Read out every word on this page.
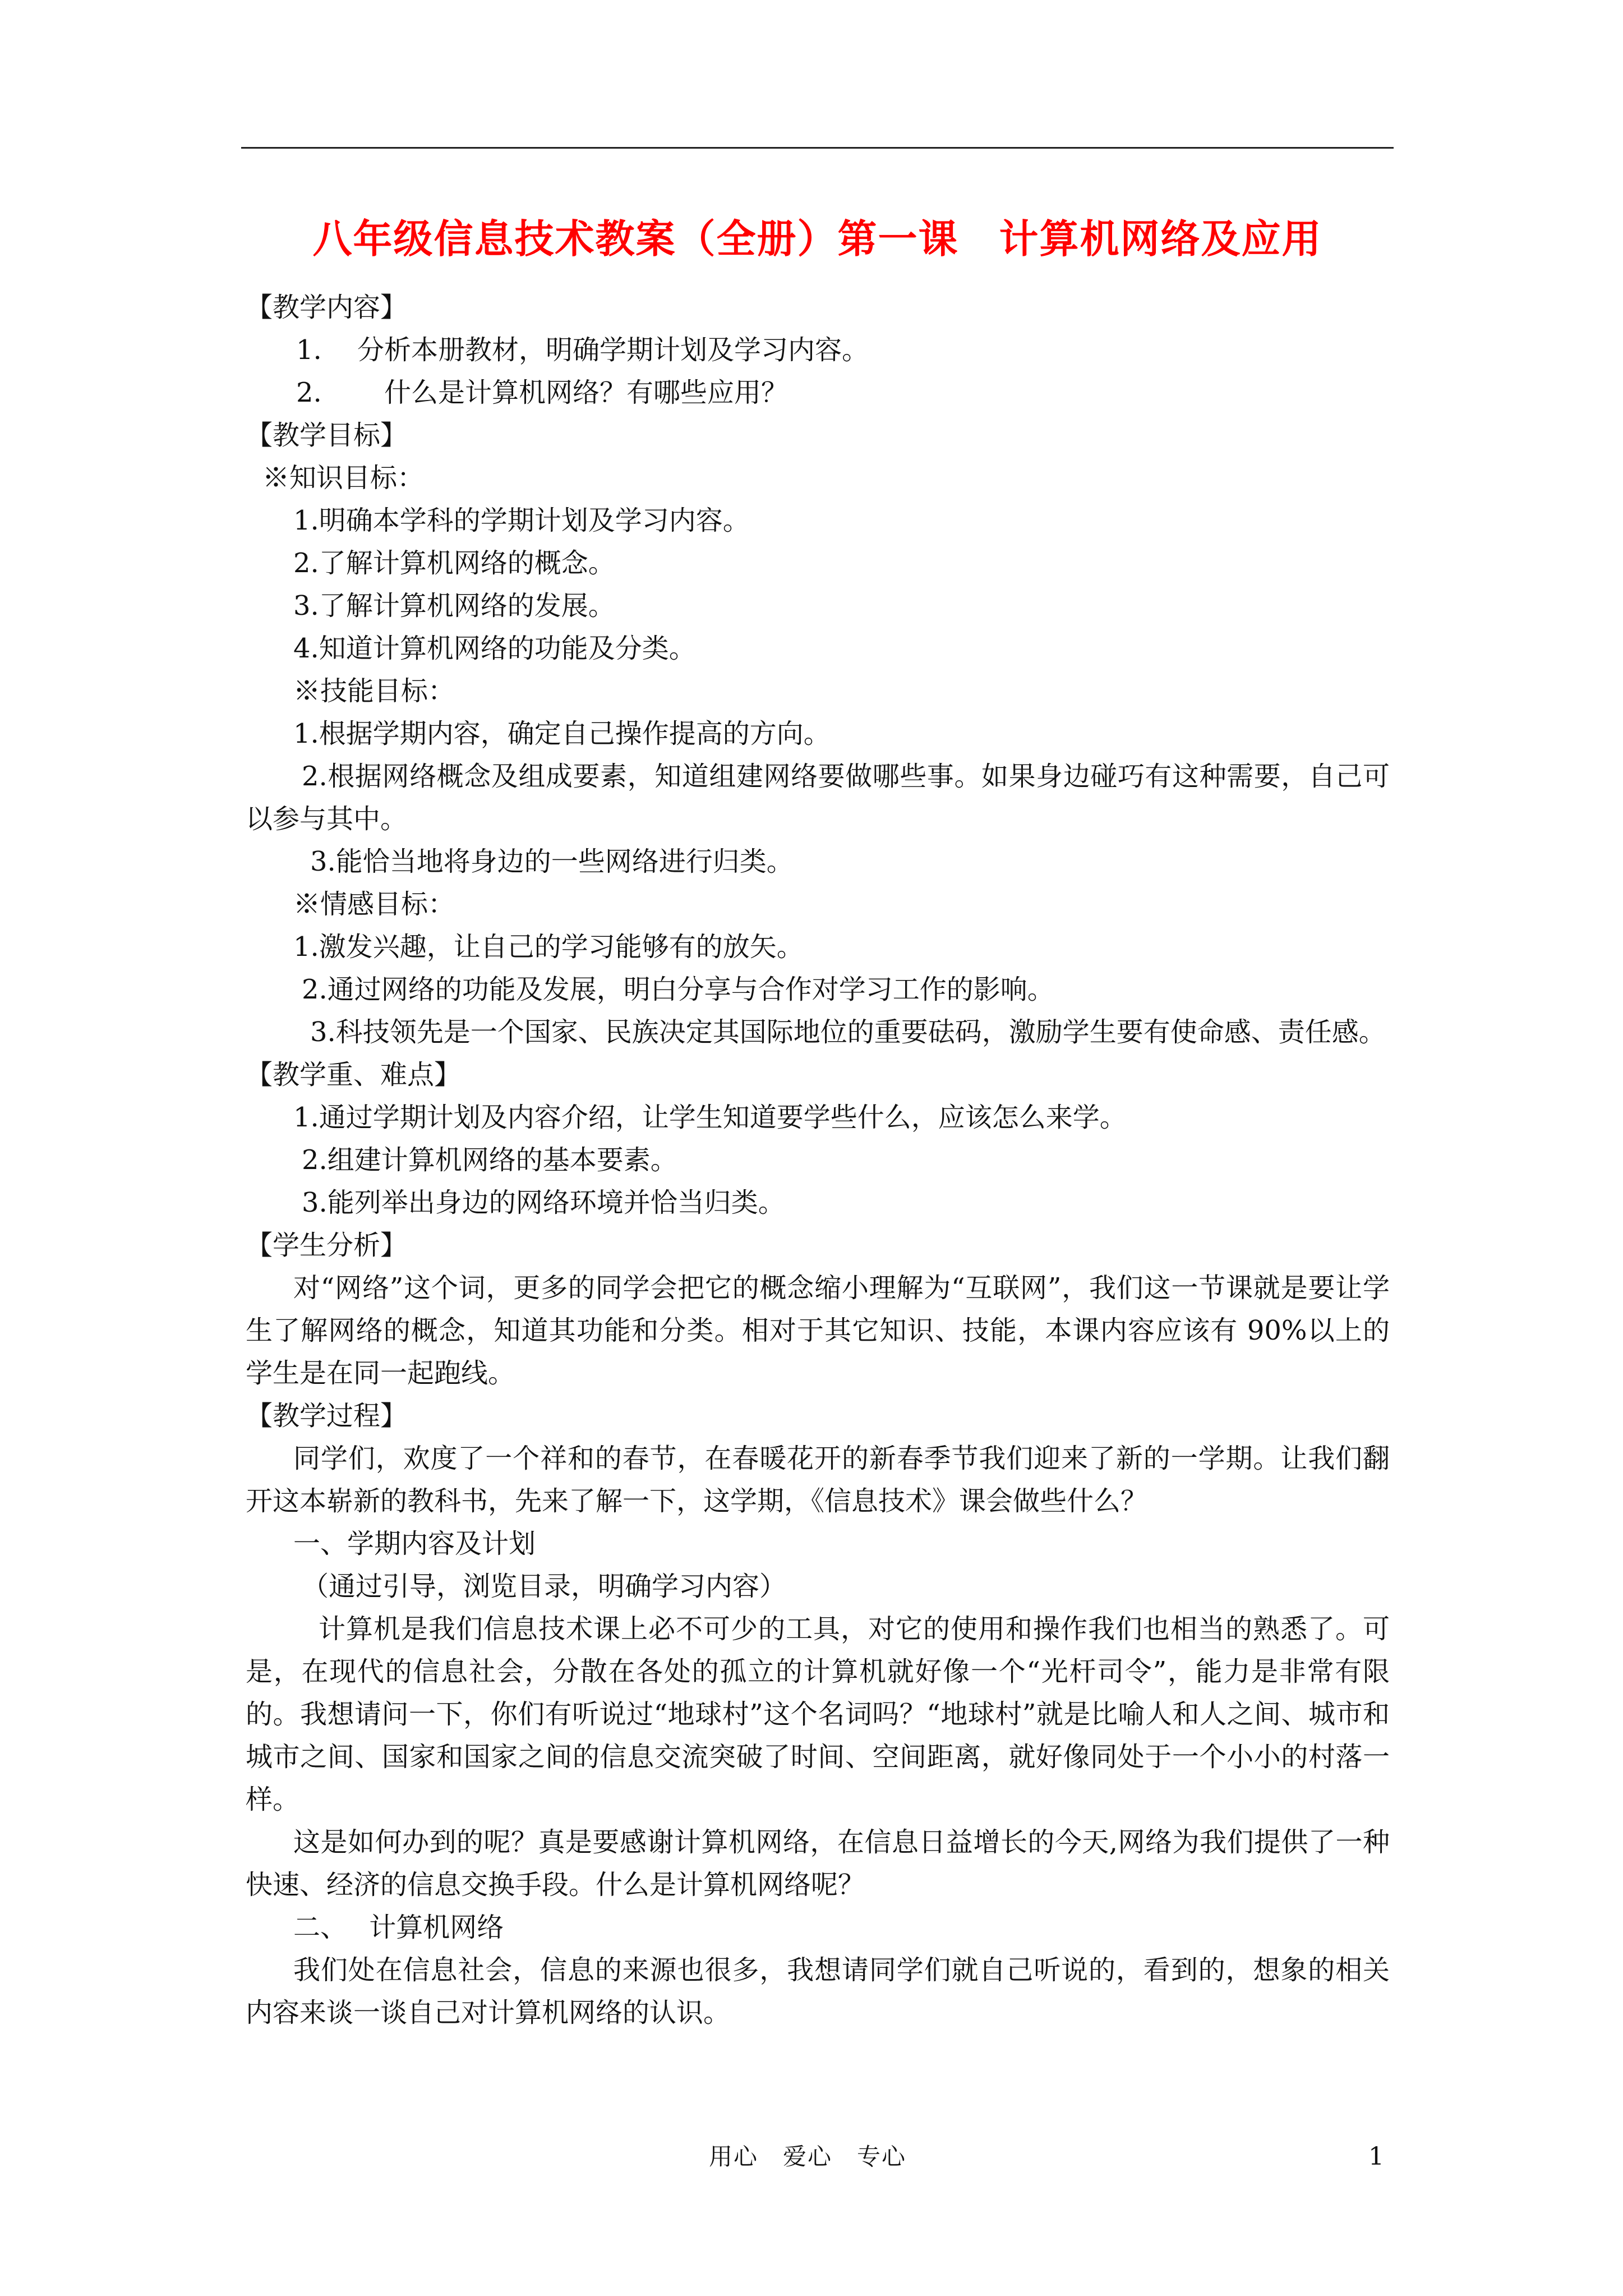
八年级信息技术教案（全册）第一课　计算机网络及应用
【教学内容】
1.　 分析本册教材，明确学期计划及学习内容。
2.　　 什么是计算机网络？有哪些应用？
【教学目标】
※知识目标：
1.明确本学科的学期计划及学习内容。
2.了解计算机网络的概念。
3.了解计算机网络的发展。
4.知道计算机网络的功能及分类。
※技能目标：
1.根据学期内容，确定自己操作提高的方向。
2.根据网络概念及组成要素，知道组建网络要做哪些事。如果身边碰巧有这种需要，自己可以参与其中。
3.能恰当地将身边的一些网络进行归类。
※情感目标：
1.激发兴趣，让自己的学习能够有的放矢。
2.通过网络的功能及发展，明白分享与合作对学习工作的影响。
3.科技领先是一个国家、民族决定其国际地位的重要砝码，激励学生要有使命感、责任感。
【教学重、难点】
1.通过学期计划及内容介绍，让学生知道要学些什么，应该怎么来学。
2.组建计算机网络的基本要素。
3.能列举出身边的网络环境并恰当归类。
【学生分析】
对“网络”这个词，更多的同学会把它的概念缩小理解为“互联网”，我们这一节课就是要让学生了解网络的概念，知道其功能和分类。相对于其它知识、技能，本课内容应该有 90%以上的学生是在同一起跑线。
【教学过程】
同学们，欢度了一个祥和的春节，在春暖花开的新春季节我们迎来了新的一学期。让我们翻开这本崭新的教科书，先来了解一下，这学期，《信息技术》课会做些什么？
一、学期内容及计划
（通过引导，浏览目录，明确学习内容）
计算机是我们信息技术课上必不可少的工具，对它的使用和操作我们也相当的熟悉了。可是，在现代的信息社会，分散在各处的孤立的计算机就好像一个“光杆司令”，能力是非常有限的。我想请问一下，你们有听说过“地球村”这个名词吗？“地球村”就是比喻人和人之间、城市和城市之间、国家和国家之间的信息交流突破了时间、空间距离，就好像同处于一个小小的村落一样。
这是如何办到的呢？真是要感谢计算机网络，在信息日益增长的今天,网络为我们提供了一种快速、经济的信息交换手段。什么是计算机网络呢？
二、　 计算机网络
我们处在信息社会，信息的来源也很多，我想请同学们就自己听说的，看到的，想象的相关内容来谈一谈自己对计算机网络的认识。
用心　爱心　专心	1
